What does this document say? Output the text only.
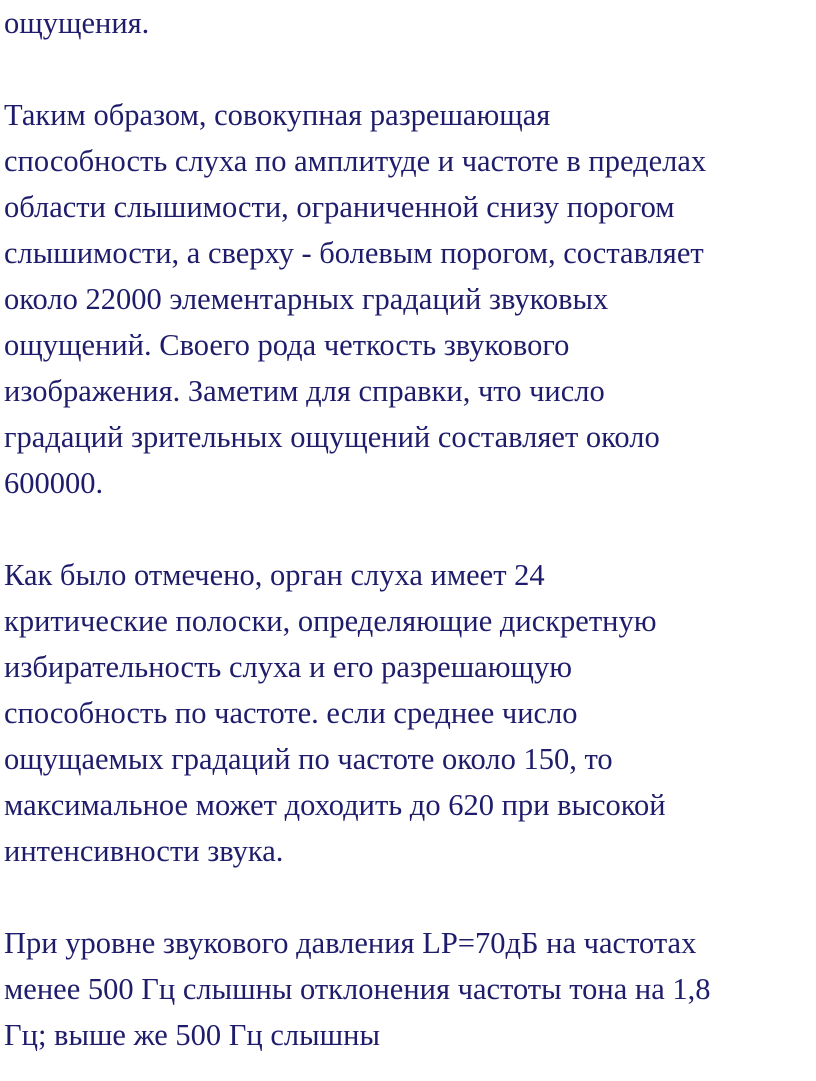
ощущения.
Таким образом, совокупная разрешающая
способность слуха по амплитуде и частоте в пределах
области слышимости, ограниченной снизу порогом
слышимости, а сверху - болевым порогом, составляет
около 22000 элементарных градаций звуковых
ощущений. Своего рода четкость звукового
изображения. Заметим для справки, что число
градаций зрительных ощущений составляет около
600000.
Как было отмечено, орган слуха имеет 24
критические полоски, определяющие дискретную
избирательность слуха и его разрешающую
способность по частоте. если среднее число
ощущаемых градаций по частоте около 150, то
максимальное может доходить до 620 при высокой
интенсивности звука.
При уровне звукового давления LP=70дБ на частотах
менее 500 Гц слышны отклонения частоты тона на 1,8
Гц; выше же 500 Гц слышны
